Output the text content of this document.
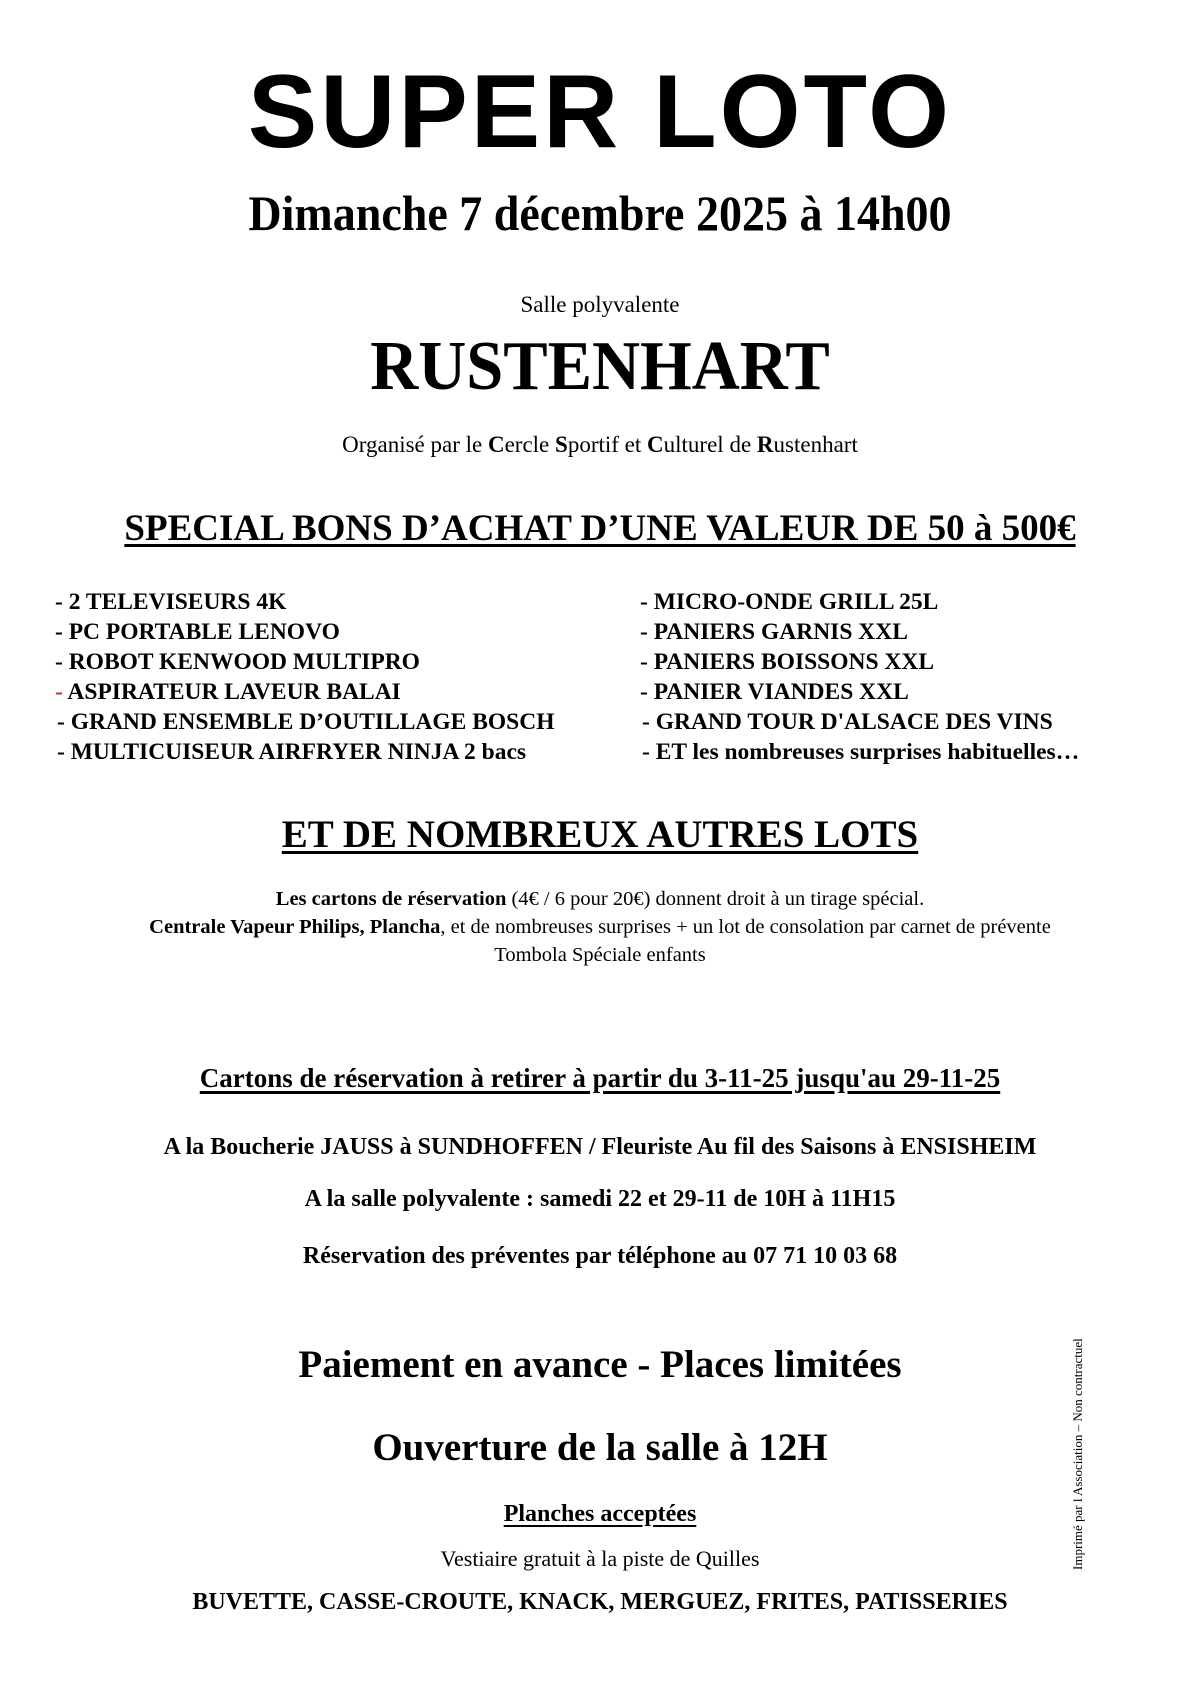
SUPER LOTO
Dimanche 7 décembre 2025 à 14h00
Salle polyvalente
RUSTENHART
Organisé par le Cercle Sportif et Culturel de Rustenhart
SPECIAL BONS D’ACHAT D’UNE VALEUR DE 50 à 500€
- 2 TELEVISEURS 4K
- PC PORTABLE LENOVO
- ROBOT KENWOOD MULTIPRO
- ASPIRATEUR LAVEUR BALAI
- GRAND ENSEMBLE D’OUTILLAGE BOSCH
- MULTICUISEUR AIRFRYER NINJA 2 bacs
- MICRO-ONDE GRILL 25L
- PANIERS GARNIS XXL
- PANIERS BOISSONS XXL
- PANIER VIANDES XXL
- GRAND TOUR D'ALSACE DES VINS
- ET les nombreuses surprises habituelles…
ET DE NOMBREUX AUTRES LOTS
Les cartons de réservation (4€ / 6 pour 20€) donnent droit à un tirage spécial.
Centrale Vapeur Philips, Plancha, et de nombreuses surprises + un lot de consolation par carnet de prévente
Tombola Spéciale enfants
Cartons de réservation à retirer à partir du 3-11-25 jusqu'au 29-11-25
A la Boucherie JAUSS à SUNDHOFFEN / Fleuriste Au fil des Saisons à ENSISHEIM
A la salle polyvalente : samedi 22 et 29-11 de 10H à 11H15
Réservation des préventes par téléphone au 07 71 10 03 68
Paiement en avance - Places limitées
Ouverture de la salle à 12H
Planches acceptées
Vestiaire gratuit à la piste de Quilles
BUVETTE, CASSE-CROUTE, KNACK, MERGUEZ, FRITES, PATISSERIES
Imprimé par l Association – Non contractuel
